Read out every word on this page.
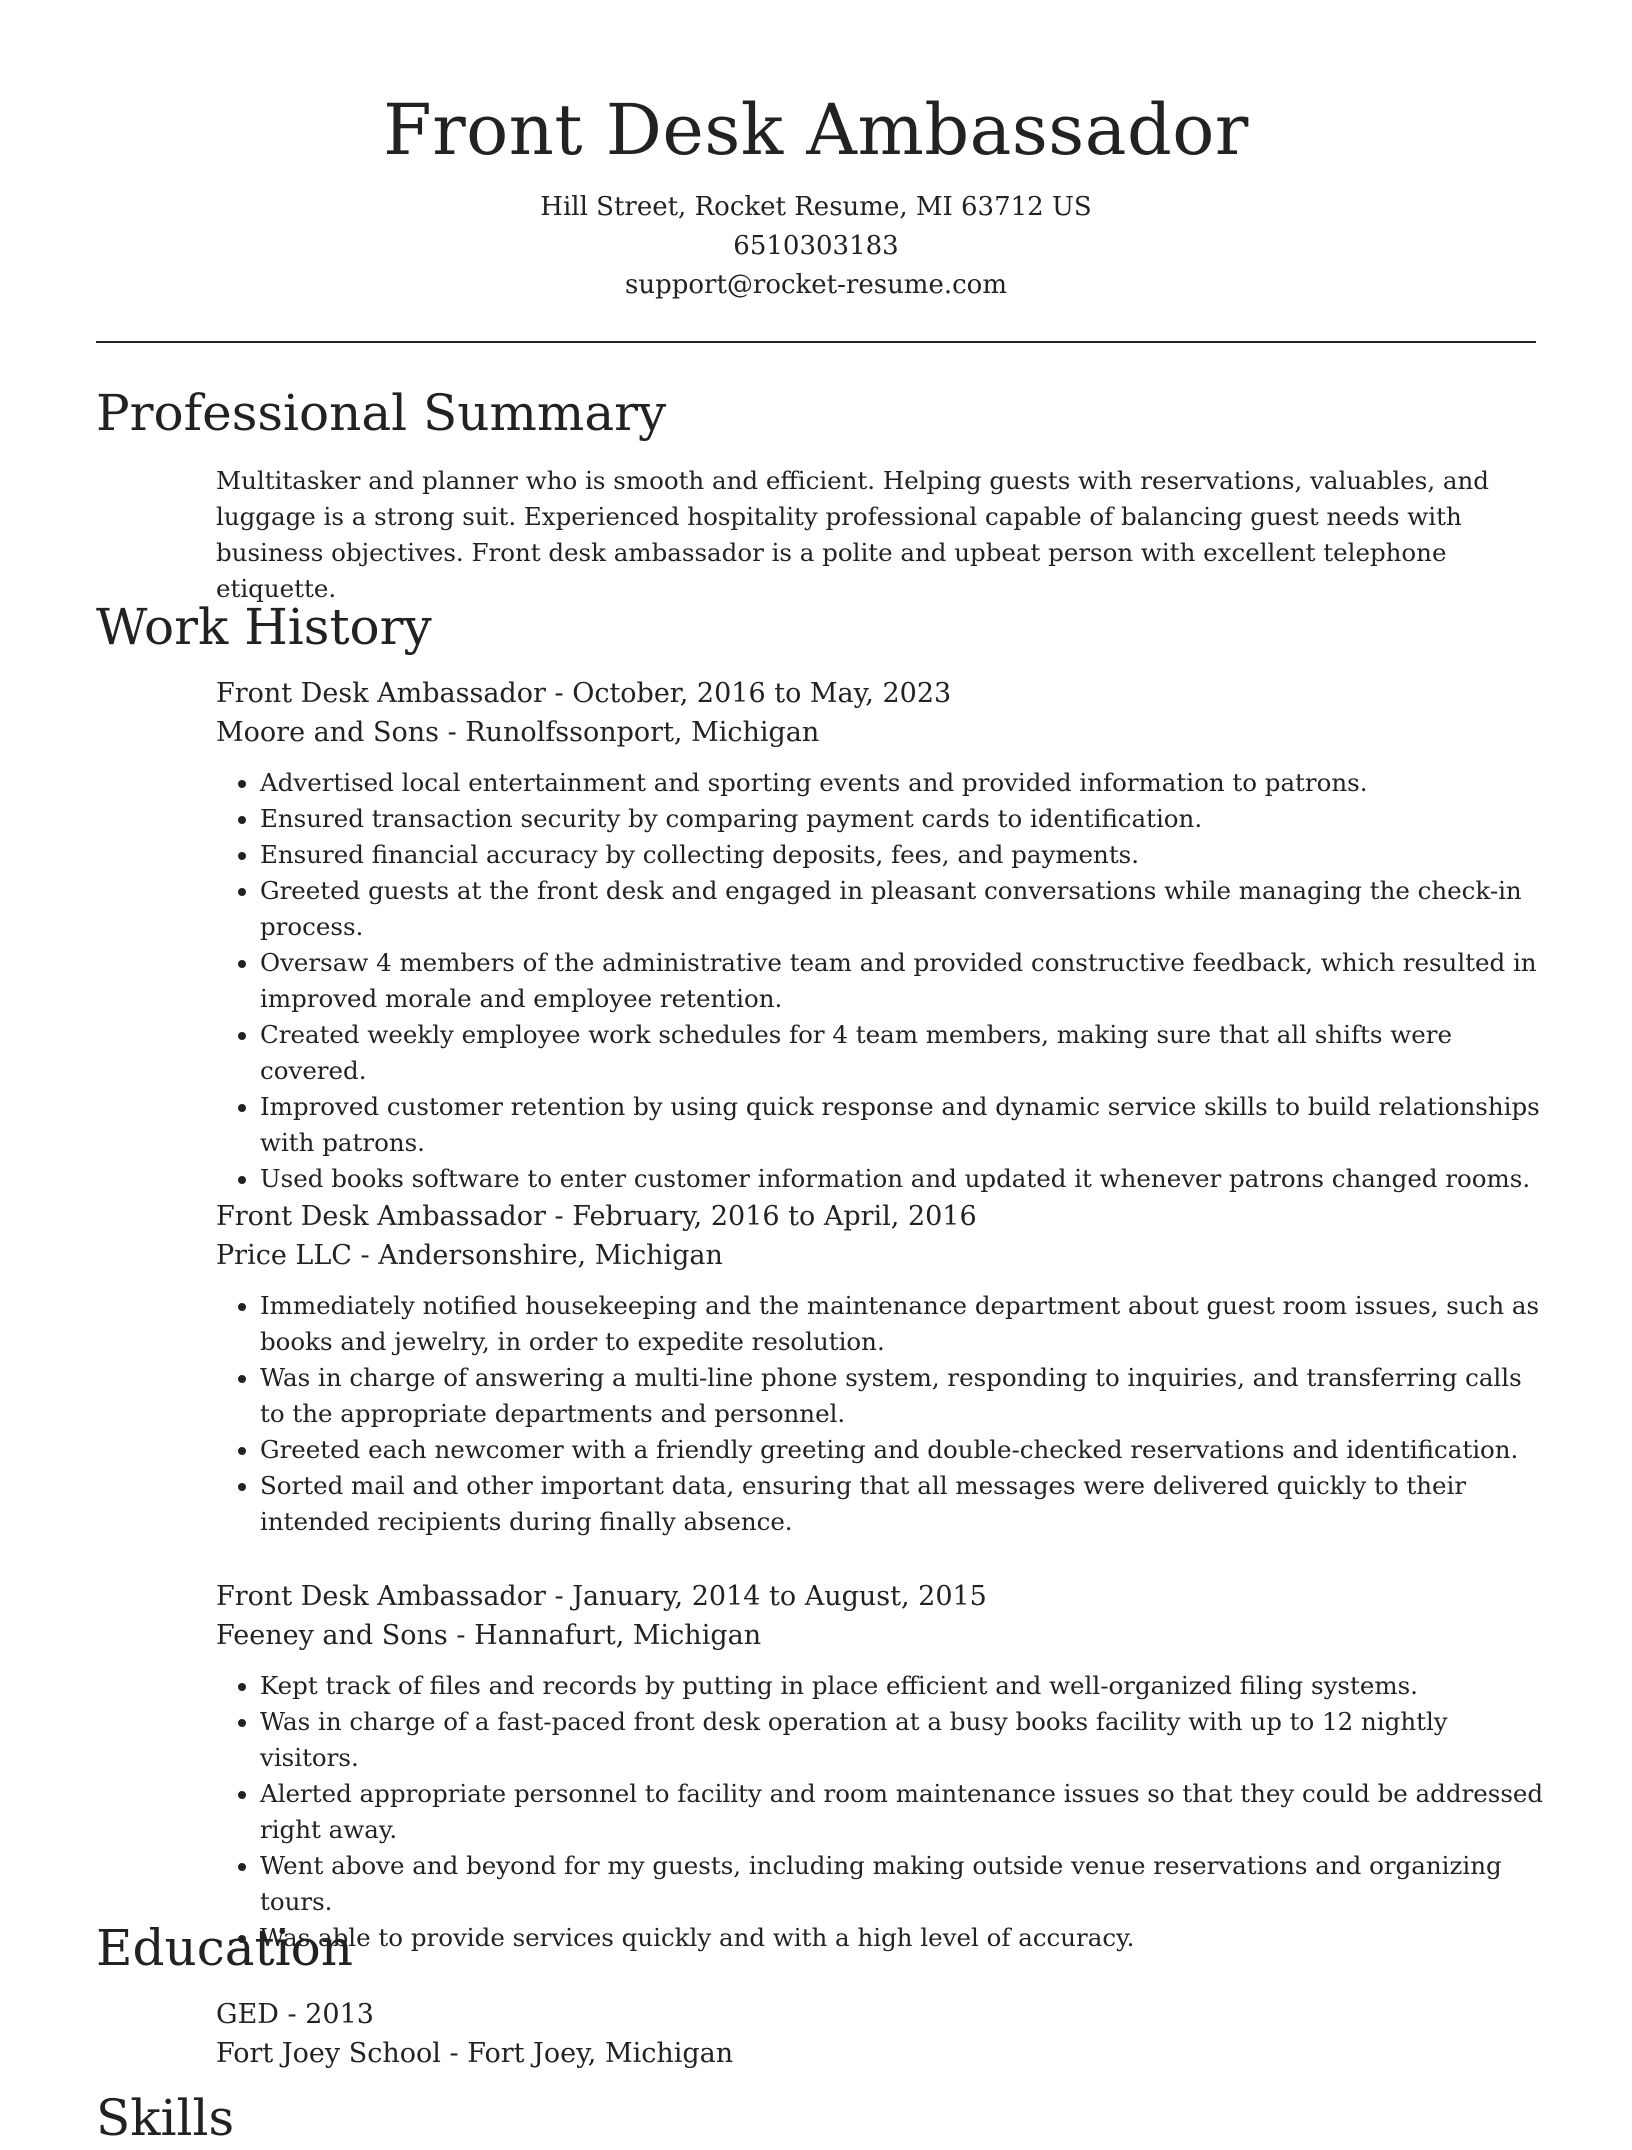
Front Desk Ambassador
Hill Street, Rocket Resume, MI 63712 US
6510303183
support@rocket-resume.com
Professional Summary

Multitasker and planner who is smooth and efficient. Helping guests with reservations, valuables, and luggage is a strong suit. Experienced hospitality professional capable of balancing guest needs with business objectives. Front desk ambassador is a polite and upbeat person with excellent telephone etiquette.

Work History
Front Desk Ambassador - October, 2016 to May, 2023
Moore and Sons - Runolfssonport, Michigan
• Advertised local entertainment and sporting events and provided information to patrons.
• Ensured transaction security by comparing payment cards to identification.
• Ensured financial accuracy by collecting deposits, fees, and payments.
• Greeted guests at the front desk and engaged in pleasant conversations while managing the check-in process.
• Oversaw 4 members of the administrative team and provided constructive feedback, which resulted in improved morale and employee retention.
• Created weekly employee work schedules for 4 team members, making sure that all shifts were covered.
• Improved customer retention by using quick response and dynamic service skills to build relationships with patrons.
• Used books software to enter customer information and updated it whenever patrons changed rooms.
Front Desk Ambassador - February, 2016 to April, 2016
Price LLC - Andersonshire, Michigan
• Immediately notified housekeeping and the maintenance department about guest room issues, such as books and jewelry, in order to expedite resolution.
• Was in charge of answering a multi-line phone system, responding to inquiries, and transferring calls to the appropriate departments and personnel.
• Greeted each newcomer with a friendly greeting and double-checked reservations and identification.
• Sorted mail and other important data, ensuring that all messages were delivered quickly to their intended recipients during finally absence.
Front Desk Ambassador - January, 2014 to August, 2015
Feeney and Sons - Hannafurt, Michigan
• Kept track of files and records by putting in place efficient and well-organized filing systems.
• Was in charge of a fast-paced front desk operation at a busy books facility with up to 12 nightly visitors.
• Alerted appropriate personnel to facility and room maintenance issues so that they could be addressed right away.
• Went above and beyond for my guests, including making outside venue reservations and organizing tours.
• Was able to provide services quickly and with a high level of accuracy.
Education
GED - 2013
Fort Joey School - Fort Joey, Michigan
Skills
